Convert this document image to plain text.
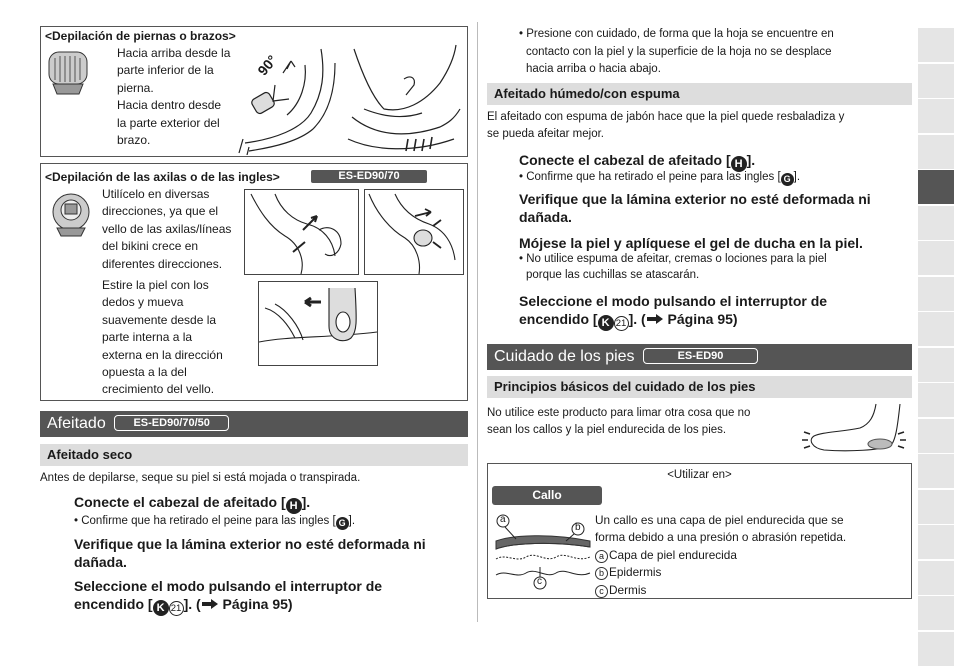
<Depilación de piernas o brazos>
Hacia arriba desde la
parte inferior de la
pierna.
Hacia dentro desde
la parte exterior del
brazo.
90°
<Depilación de las axilas o de las ingles>	ES-ED90/70
Utilícelo en diversas
direcciones, ya que el
vello de las axilas/líneas
del bikini crece en
diferentes direcciones.
Estire la piel con los
dedos y mueva
suavemente desde la
parte interna a la
externa en la dirección
opuesta a la del
crecimiento del vello.
Afeitado	ES-ED90/70/50
Afeitado seco
Antes de depilarse, seque su piel si está mojada o transpirada.
Conecte el cabezal de afeitado [ H ].
• Confirme que ha retirado el peine para las ingles [ G ].
Verifique que la lámina exterior no esté deformada ni
dañada.
Seleccione el modo pulsando el interruptor de
encendido [ K 21 ]. ( Página 95)
• Presione con cuidado, de forma que la hoja se encuentre en
contacto con la piel y la superficie de la hoja no se desplace
hacia arriba o hacia abajo.
Afeitado húmedo/con espuma
El afeitado con espuma de jabón hace que la piel quede resbaladiza y
se pueda afeitar mejor.
Conecte el cabezal de afeitado [ H ].
• Confirme que ha retirado el peine para las ingles [ G ].
Verifique que la lámina exterior no esté deformada ni
dañada.
Mójese la piel y aplíquese el gel de ducha en la piel.
• No utilice espuma de afeitar, cremas o lociones para la piel
porque las cuchillas se atascarán.
Seleccione el modo pulsando el interruptor de
encendido [ K 21 ]. ( Página 95)
Cuidado de los pies	ES-ED90
Principios básicos del cuidado de los pies
No utilice este producto para limar otra cosa que no
sean los callos y la piel endurecida de los pies.
<Utilizar en>
Callo
a
b
c
Un callo es una capa de piel endurecida que se
forma debido a una presión o abrasión repetida.
a Capa de piel endurecida
b Epidermis
c Dermis
